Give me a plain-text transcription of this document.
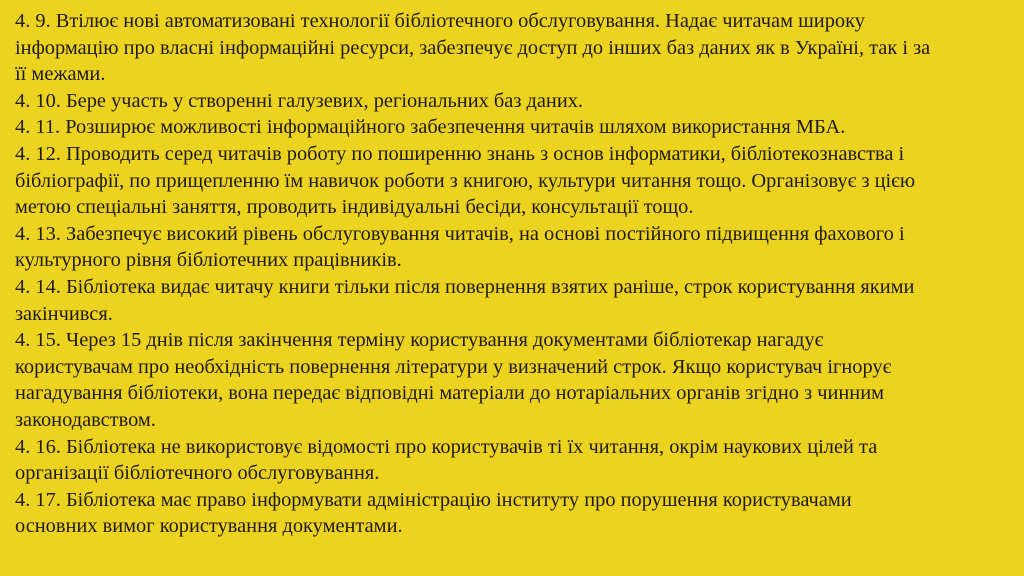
4. 9. Втілює нові автоматизовані технології бібліотечного обслуговування. Надає читачам широку
інформацію про власні інформаційні ресурси, забезпечує доступ до інших баз даних як в Україні, так і за
її межами.
4. 10. Бере участь у створенні галузевих, регіональних баз даних.
4. 11. Розширює можливості інформаційного забезпечення читачів шляхом використання МБА.
4. 12. Проводить серед читачів роботу по поширенню знань з основ інформатики, бібліотекознавства і
бібліографії, по прищепленню їм навичок роботи з книгою, культури читання тощо. Організовує з цією
метою спеціальні заняття, проводить індивідуальні бесіди, консультації тощо.
4. 13. Забезпечує високий рівень обслуговування читачів, на основі постійного підвищення фахового і
культурного рівня бібліотечних працівників.
4. 14. Бібліотека видає читачу книги тільки після повернення взятих раніше, строк користування якими
закінчився.
4. 15. Через 15 днів після закінчення терміну користування документами бібліотекар нагадує
користувачам про необхідність повернення літератури у визначений строк. Якщо користувач ігнорує
нагадування бібліотеки, вона передає відповідні матеріали до нотаріальних органів згідно з чинним
законодавством.
4. 16. Бібліотека не використовує відомості про користувачів ті їх читання, окрім наукових цілей та
організації бібліотечного обслуговування.
4. 17. Бібліотека має право інформувати адміністрацію інституту про порушення користувачами
основних вимог користування документами.
